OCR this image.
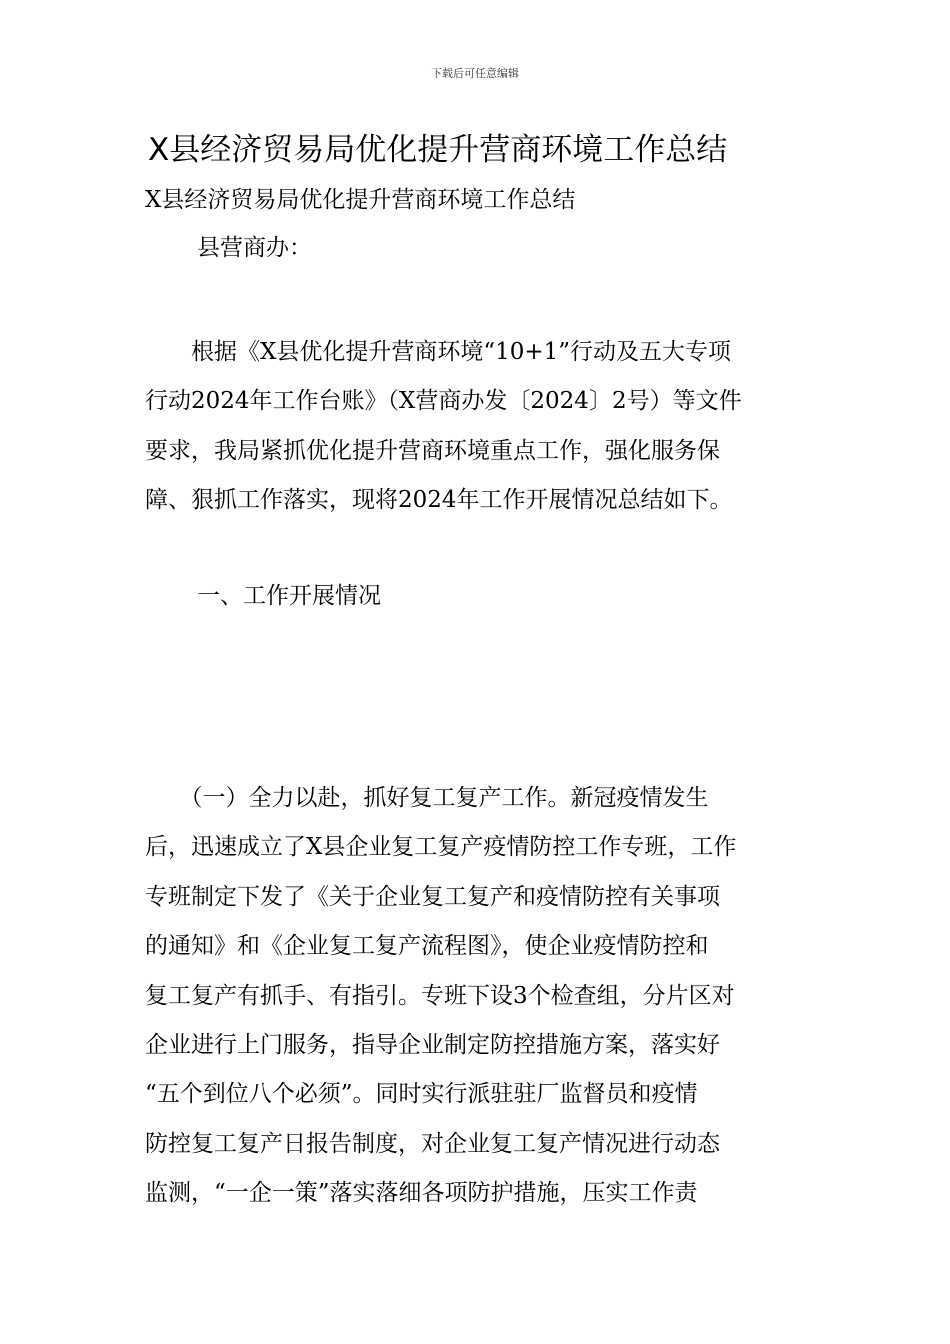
下载后可任意编辑
X县经济贸易局优化提升营商环境工作总结
X县经济贸易局优化提升营商环境工作总结
县营商办：
　　根据《X县优化提升营商环境“10+1”行动及五大专项
行动2024年工作台账》（X营商办发〔2024〕2号）等文件
要求，我局紧抓优化提升营商环境重点工作，强化服务保
障、狠抓工作落实，现将2024年工作开展情况总结如下。
一、工作开展情况
　　（一）全力以赴，抓好复工复产工作。新冠疫情发生
后，迅速成立了X县企业复工复产疫情防控工作专班，工作
专班制定下发了《关于企业复工复产和疫情防控有关事项
的通知》和《企业复工复产流程图》，使企业疫情防控和
复工复产有抓手、有指引。专班下设3个检查组，分片区对
企业进行上门服务，指导企业制定防控措施方案，落实好
“五个到位八个必须”。同时实行派驻驻厂监督员和疫情
防控复工复产日报告制度，对企业复工复产情况进行动态
监测，“一企一策”落实落细各项防护措施，压实工作责
